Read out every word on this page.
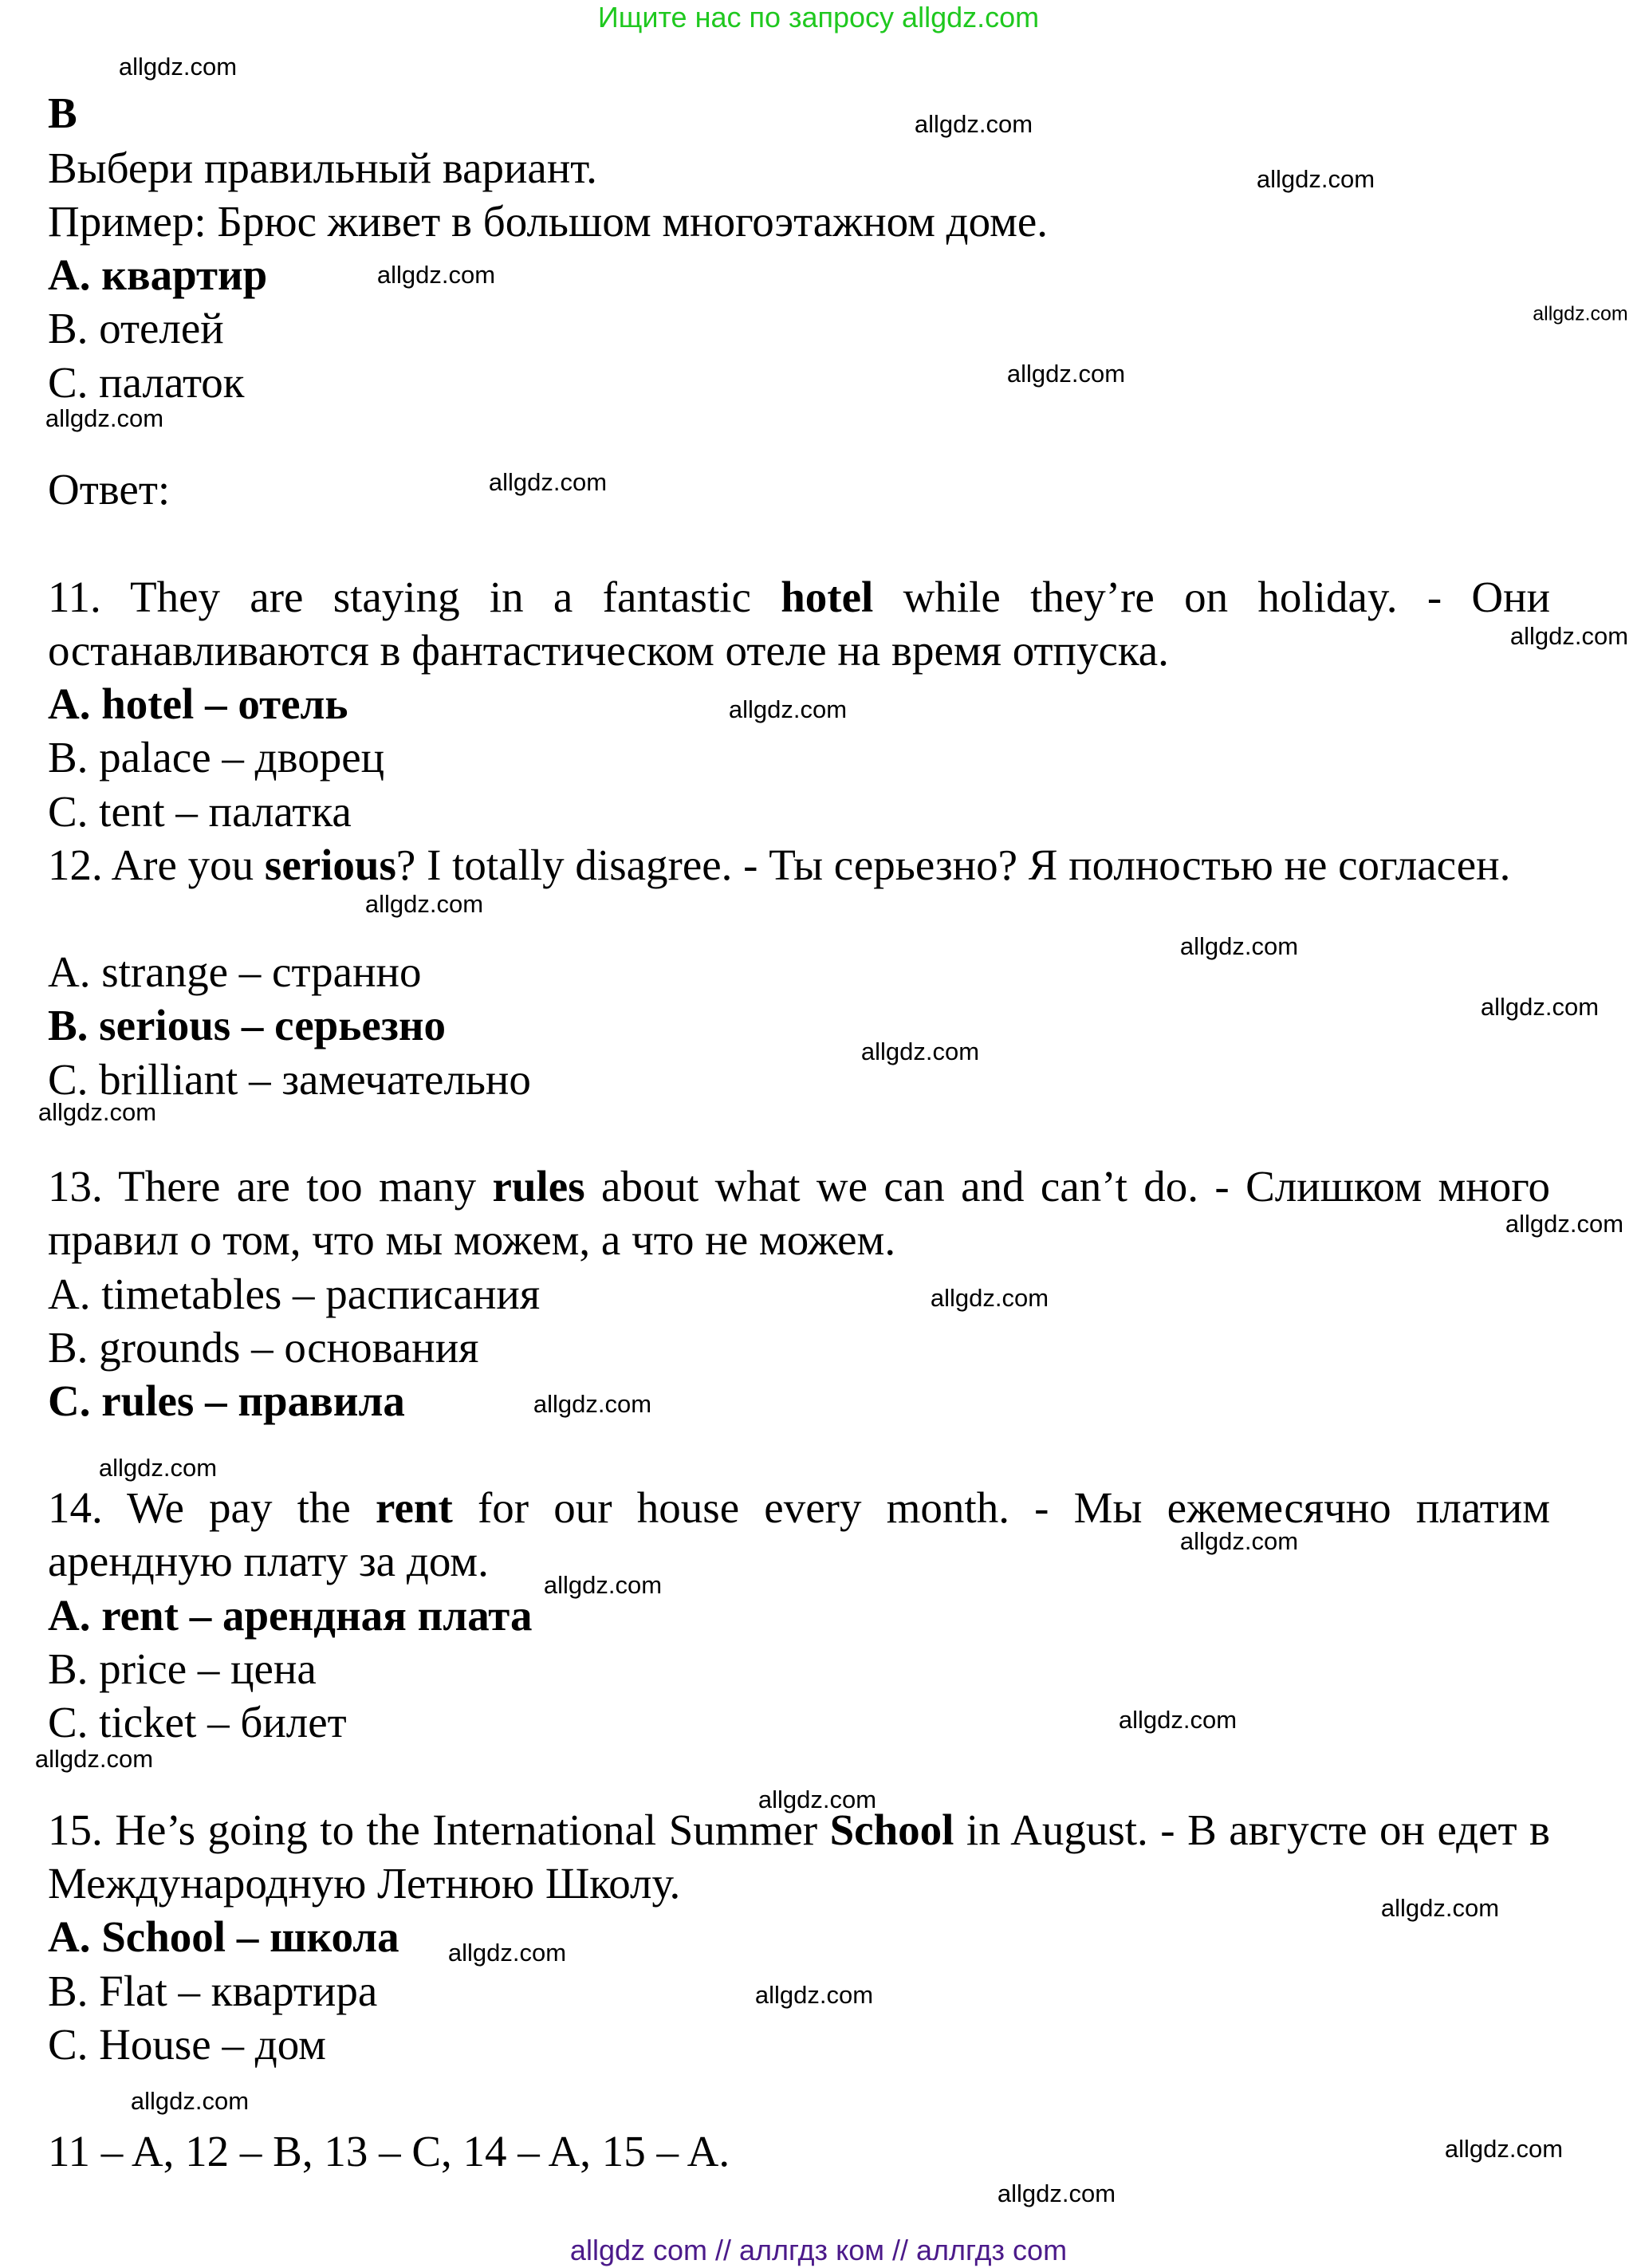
Ищите нас по запросу allgdz.com
B
Выбери правильный вариант.
Пример: Брюс живет в большом многоэтажном доме.
A. квартир
B. отелей
C. палаток
Ответ:
11. They are staying in a fantastic hotel while they’re on holiday. - Они останавливаются в фантастическом отеле на время отпуска.
A. hotel – отель
B. palace – дворец
C. tent – палатка
12. Are you serious? I totally disagree. - Ты серьезно? Я полностью не согласен.
A. strange – странно
B. serious – серьезно
C. brilliant – замечательно
13. There are too many rules about what we can and can’t do. - Слишком много правил о том, что мы можем, а что не можем.
A. timetables – расписания
B. grounds – основания
C. rules – правила
14. We pay the rent for our house every month. - Мы ежемесячно платим арендную плату за дом.
A. rent – арендная плата
B. price – цена
C. ticket – билет
15. He’s going to the International Summer School in August. - В августе он едет в Международную Летнюю Школу.
A. School – школа
B. Flat – квартира
C. House – дом
11 – A, 12 – B, 13 – C, 14 – A, 15 – A.
allgdz.com
allgdz.com
allgdz.com
allgdz.com
allgdz.com
allgdz.com
allgdz.com
allgdz.com
allgdz.com
allgdz.com
allgdz.com
allgdz.com
allgdz.com
allgdz.com
allgdz.com
allgdz.com
allgdz.com
allgdz.com
allgdz.com
allgdz.com
allgdz.com
allgdz.com
allgdz.com
allgdz.com
allgdz.com
allgdz.com
allgdz.com
allgdz.com
allgdz.com
allgdz.com
allgdz com // аллгдз ком // аллгдз com
